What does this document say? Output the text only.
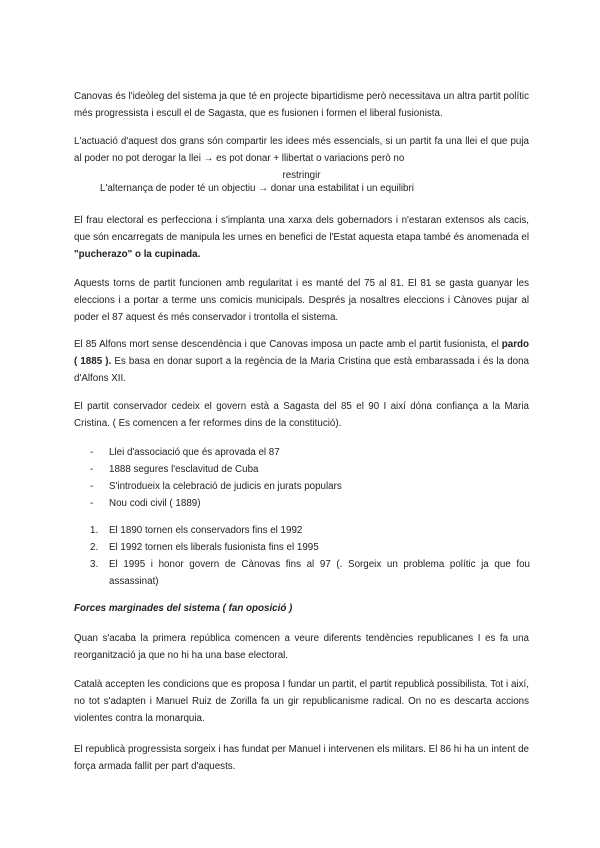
Canovas és l'ideòleg del sistema ja que té en projecte bipartidisme però necessitava un altra partit polític més progressista i escull el de Sagasta, que es fusionen i formen el liberal fusionista.

L'actuació d'aquest dos grans són compartir les idees més essencials, si un partit fa una llei el que puja al poder no pot derogar la llei → es pot donar + llibertat o variacions però no

restringir

L'alternança de poder té un objectiu → donar una estabilitat i un equilibri

El frau electoral es perfecciona i s'implanta una xarxa dels gobernadors i n'estaran extensos als cacis, que són encarregats de manipula les urnes en benefici de l'Estat aquesta etapa també és anomenada el "pucherazo" o la cupinada.

Aquests torns de partit funcionen amb regularitat i es manté del 75 al 81. El 81 se gasta guanyar les eleccions i a portar a terme uns comicis municipals. Després ja nosaltres eleccions i Cànoves pujar al poder el 87 aquest és més conservador i trontolla el sistema.

El 85 Alfons mort sense descendència i que Canovas imposa un pacte amb el partit fusionista, el pardo ( 1885 ). Es basa en donar suport a la regència de la Maria Cristina que està embarassada i és la dona d'Alfons XII.

El partit conservador cedeix el govern està a Sagasta del 85 el 90 I així dóna confiança a la Maria Cristina. ( Es comencen a fer reformes dins de la constitució).

- Llei d'associació que és aprovada el 87
- 1888 segures l'esclavitud de Cuba
- S'introdueix la celebració de judicis en jurats populars
- Nou codi civil ( 1889)
1. El 1890 tornen els conservadors fins el 1992
2. El 1992 tornen els liberals fusionista fins el 1995
3. El 1995 i honor govern de Cànovas fins al 97 (. Sorgeix un problema polític ja que fou assassinat)

Forces marginades del sistema ( fan oposició )

Quan s'acaba la primera república comencen a veure diferents tendències republicanes I es fa una reorganització ja que no hi ha una base electoral.

Català accepten les condicions que es proposa I fundar un partit, el partit republicà possibilista. Tot i així, no tot s'adapten i Manuel Ruiz de Zorilla fa un gir republicanisme radical. On no es descarta accions violentes contra la monarquia.

El republicà progressista sorgeix i has fundat per Manuel i intervenen els militars. El 86 hi ha un intent de força armada fallit per part d'aquests.
